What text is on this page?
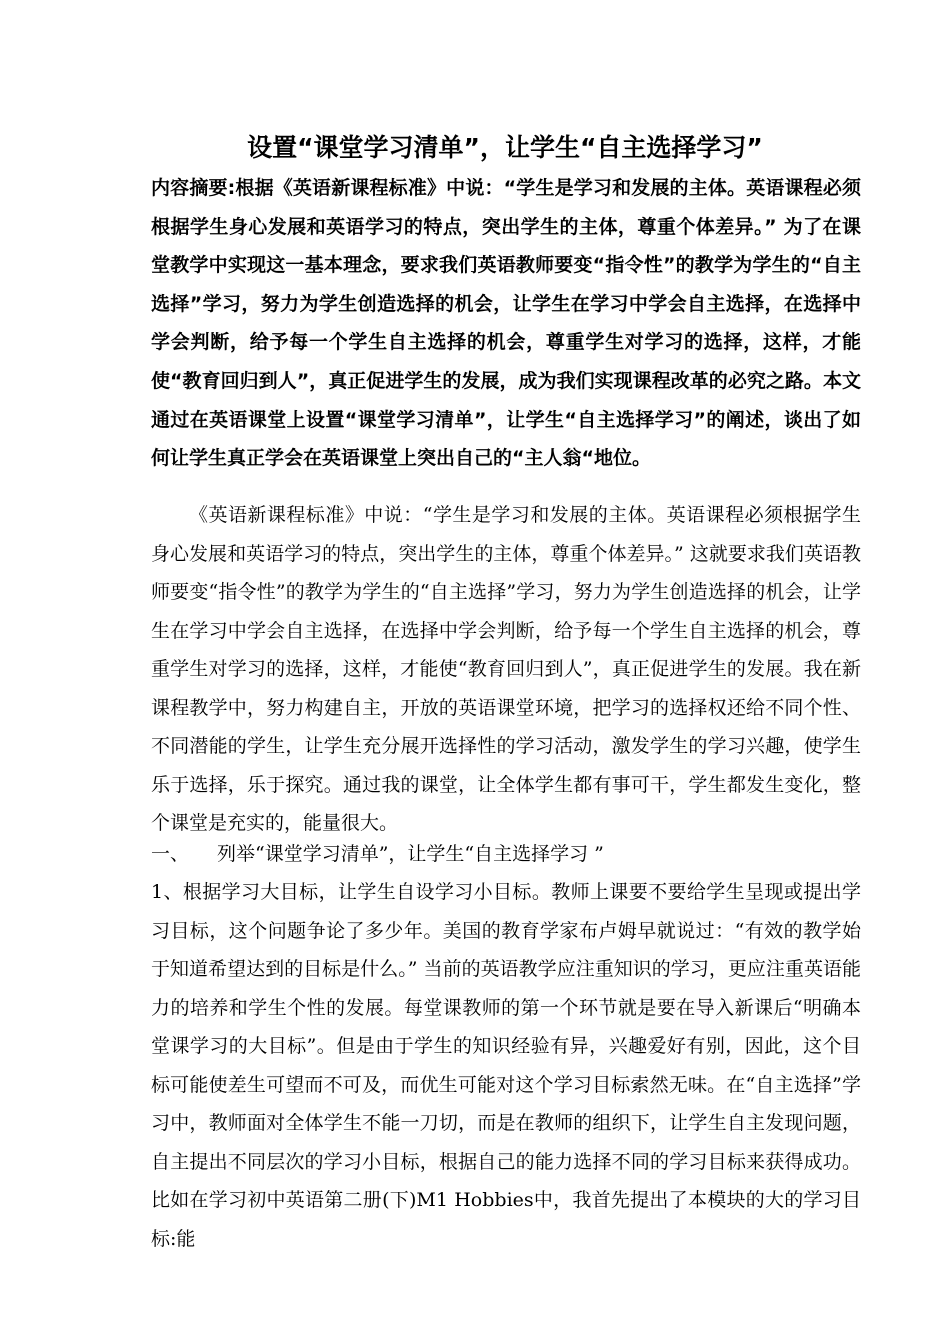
设置“课堂学习清单”，让学生“自主选择学习”
内容摘要:根据《英语新课程标准》中说：“学生是学习和发展的主体。英语课程必须根据学生身心发展和英语学习的特点，突出学生的主体，尊重个体差异。” 为了在课堂教学中实现这一基本理念，要求我们英语教师要变“指令性”的教学为学生的“自主选择”学习，努力为学生创造选择的机会，让学生在学习中学会自主选择，在选择中学会判断，给予每一个学生自主选择的机会，尊重学生对学习的选择，这样，才能使“教育回归到人”，真正促进学生的发展，成为我们实现课程改革的必究之路。本文通过在英语课堂上设置“课堂学习清单”，让学生“自主选择学习”的阐述，谈出了如何让学生真正学会在英语课堂上突出自己的“主人翁“地位。
《英语新课程标准》中说：“学生是学习和发展的主体。英语课程必须根据学生身心发展和英语学习的特点，突出学生的主体，尊重个体差异。” 这就要求我们英语教师要变“指令性”的教学为学生的“自主选择”学习，努力为学生创造选择的机会，让学生在学习中学会自主选择，在选择中学会判断，给予每一个学生自主选择的机会，尊重学生对学习的选择，这样，才能使“教育回归到人”，真正促进学生的发展。我在新课程教学中，努力构建自主，开放的英语课堂环境，把学习的选择权还给不同个性、不同潜能的学生，让学生充分展开选择性的学习活动，激发学生的学习兴趣，使学生乐于选择，乐于探究。通过我的课堂，让全体学生都有事可干，学生都发生变化，整个课堂是充实的，能量很大。
一、 列举“课堂学习清单”，让学生“自主选择学习 ”
1、根据学习大目标，让学生自设学习小目标。教师上课要不要给学生呈现或提出学习目标，这个问题争论了多少年。美国的教育学家布卢姆早就说过：“有效的教学始于知道希望达到的目标是什么。” 当前的英语教学应注重知识的学习，更应注重英语能力的培养和学生个性的发展。每堂课教师的第一个环节就是要在导入新课后“明确本堂课学习的大目标”。但是由于学生的知识经验有异，兴趣爱好有别，因此，这个目标可能使差生可望而不可及，而优生可能对这个学习目标索然无味。在“自主选择”学习中，教师面对全体学生不能一刀切，而是在教师的组织下，让学生自主发现问题，自主提出不同层次的学习小目标，根据自己的能力选择不同的学习目标来获得成功。比如在学习初中英语第二册(下)M1 Hobbies中，我首先提出了本模块的大的学习目标:能
